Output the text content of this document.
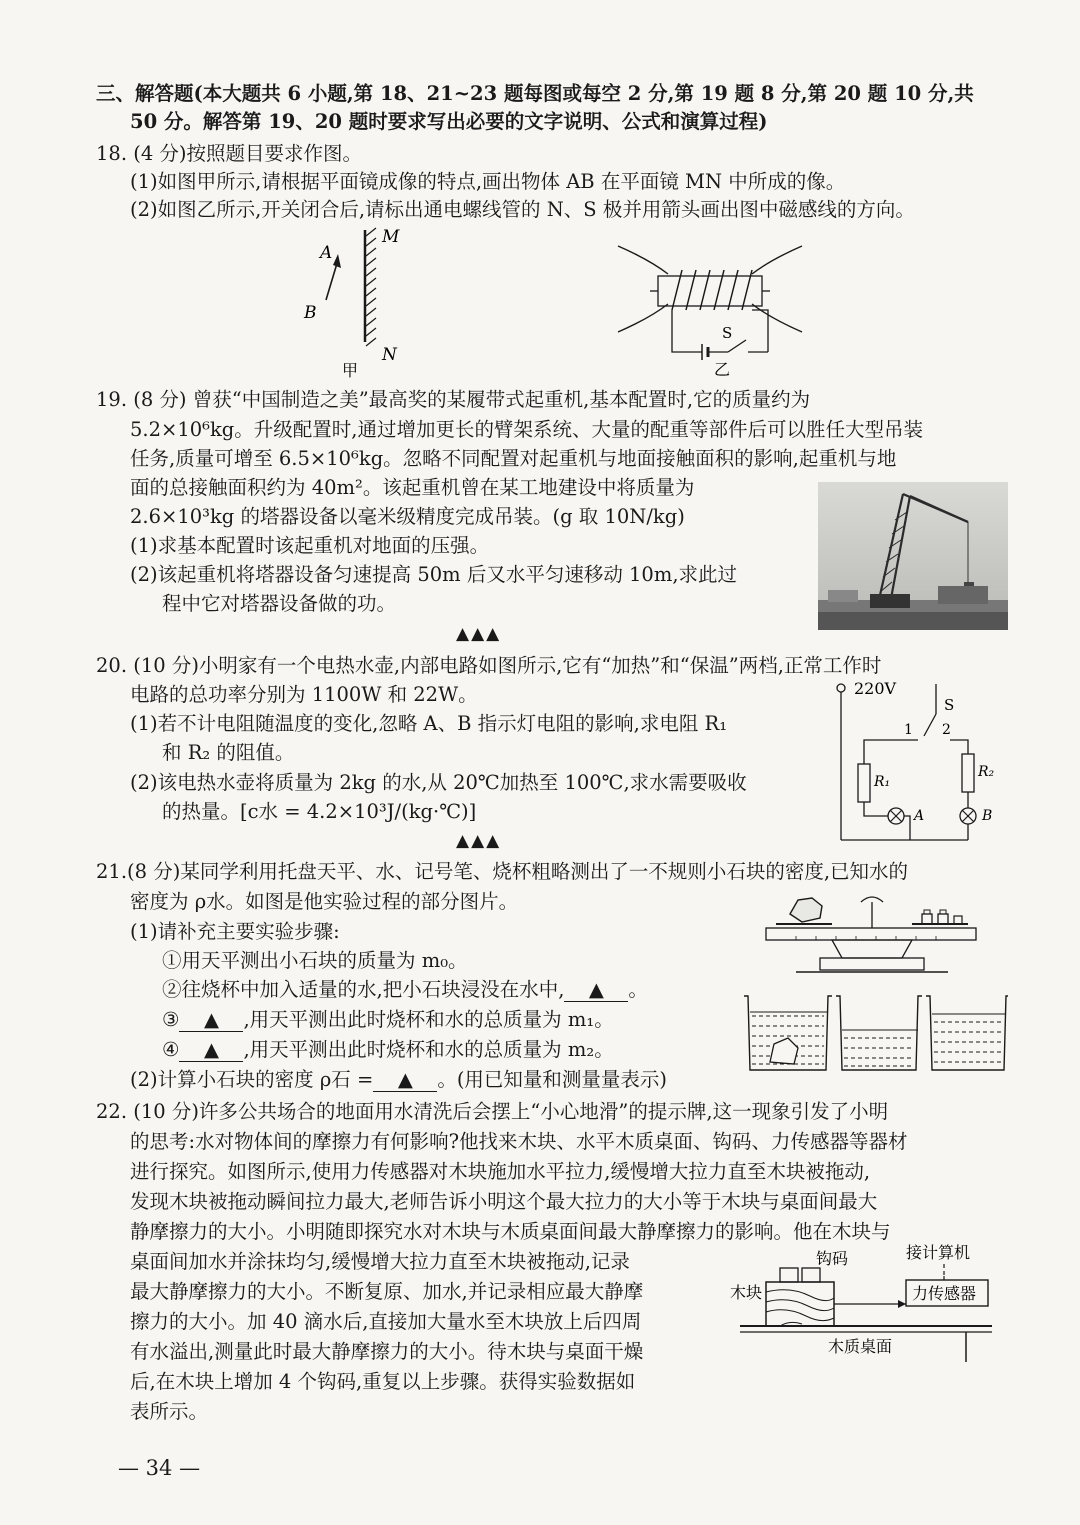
三、解答题(本大题共 6 小题,第 18、21~23 题每图或每空 2 分,第 19 题 8 分,第 20 题 10 分,共
50 分。解答第 19、20 题时要求写出必要的文字说明、公式和演算过程)
18. (4 分)按照题目要求作图。
(1)如图甲所示,请根据平面镜成像的特点,画出物体 AB 在平面镜 MN 中所成的像。
(2)如图乙所示,开关闭合后,请标出通电螺线管的 N、S 极并用箭头画出图中磁感线的方向。
M
N
A
B
甲
S
乙
19. (8 分) 曾获“中国制造之美”最高奖的某履带式起重机,基本配置时,它的质量约为
5.2×10⁶kg。升级配置时,通过增加更长的臂架系统、大量的配重等部件后可以胜任大型吊装
任务,质量可增至 6.5×10⁶kg。忽略不同配置对起重机与地面接触面积的影响,起重机与地
面的总接触面积约为 40m²。该起重机曾在某工地建设中将质量为
2.6×10³kg 的塔器设备以毫米级精度完成吊装。(g 取 10N/kg)
(1)求基本配置时该起重机对地面的压强。
(2)该起重机将塔器设备匀速提高 50m 后又水平匀速移动 10m,求此过
程中它对塔器设备做的功。
▲▲▲
20. (10 分)小明家有一个电热水壶,内部电路如图所示,它有“加热”和“保温”两档,正常工作时
电路的总功率分别为 1100W 和 22W。
(1)若不计电阻随温度的变化,忽略 A、B 指示灯电阻的影响,求电阻 R₁
和 R₂ 的阻值。
(2)该电热水壶将质量为 2kg 的水,从 20℃加热至 100℃,求水需要吸收
的热量。[c水 = 4.2×10³J/(kg·℃)]
▲▲▲
220V
S
1 2
R₁
R₂
A	B
21.(8 分)某同学利用托盘天平、水、记号笔、烧杯粗略测出了一不规则小石块的密度,已知水的
密度为 ρ水。如图是他实验过程的部分图片。
(1)请补充主要实验步骤:
①用天平测出小石块的质量为 m₀。
②往烧杯中加入适量的水,把小石块浸没在水中, ▲ 。
③ ▲ ,用天平测出此时烧杯和水的总质量为 m₁。
④ ▲ ,用天平测出此时烧杯和水的总质量为 m₂。
(2)计算小石块的密度 ρ石 = ▲ 。(用已知量和测量量表示)
22. (10 分)许多公共场合的地面用水清洗后会摆上“小心地滑”的提示牌,这一现象引发了小明
的思考:水对物体间的摩擦力有何影响?他找来木块、水平木质桌面、钩码、力传感器等器材
进行探究。如图所示,使用力传感器对木块施加水平拉力,缓慢增大拉力直至木块被拖动,
发现木块被拖动瞬间拉力最大,老师告诉小明这个最大拉力的大小等于木块与桌面间最大
静摩擦力的大小。小明随即探究水对木块与木质桌面间最大静摩擦力的影响。他在木块与
桌面间加水并涂抹均匀,缓慢增大拉力直至木块被拖动,记录
最大静摩擦力的大小。不断复原、加水,并记录相应最大静摩
擦力的大小。加 40 滴水后,直接加大量水至木块放上后四周
有水溢出,测量此时最大静摩擦力的大小。待木块与桌面干燥
后,在木块上增加 4 个钩码,重复以上步骤。获得实验数据如
表所示。
接计算机
钩码
木块	力传感器
木质桌面
— 34 —
